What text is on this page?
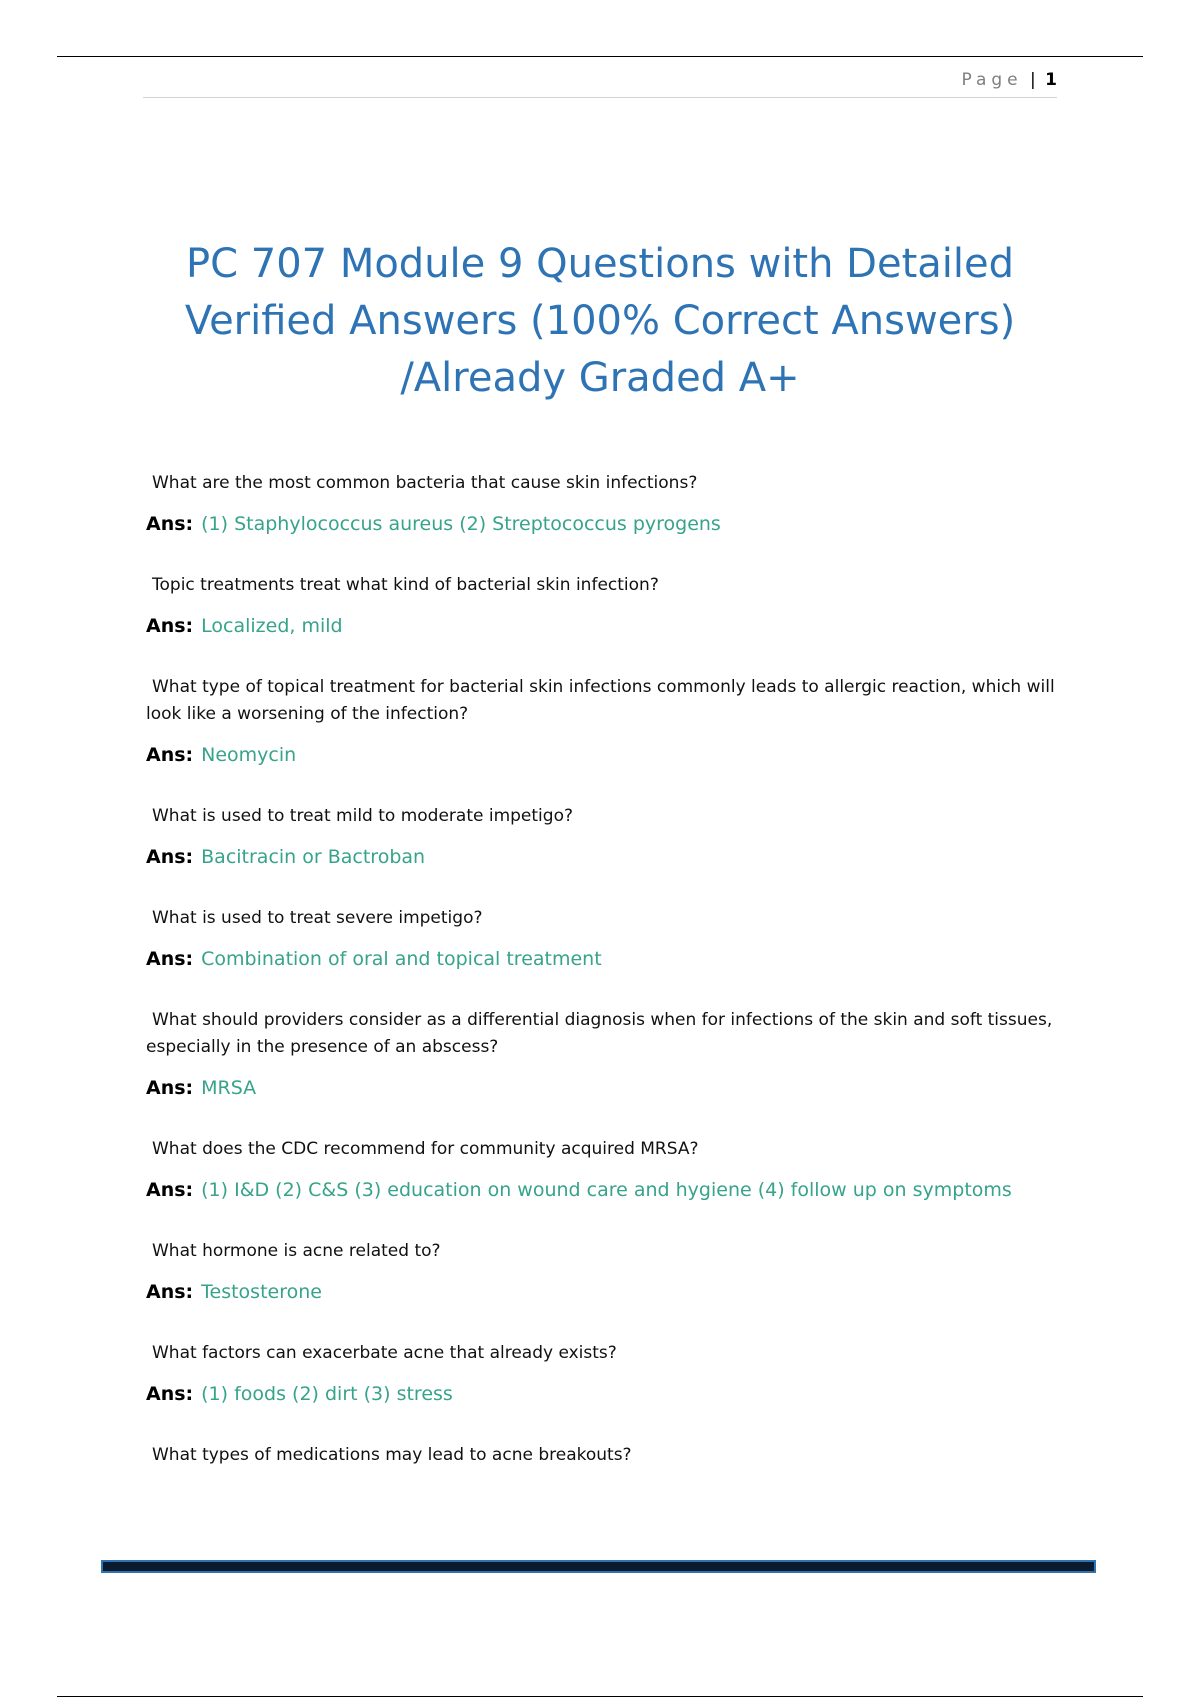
Page | 1
PC 707 Module 9 Questions with Detailed
Verified Answers (100% Correct Answers)
/Already Graded A+

What are the most common bacteria that cause skin infections?

Ans: (1) Staphylococcus aureus (2) Streptococcus pyrogens

Topic treatments treat what kind of bacterial skin infection?

Ans: Localized, mild

What type of topical treatment for bacterial skin infections commonly leads to allergic reaction, which will look like a worsening of the infection?

Ans: Neomycin

What is used to treat mild to moderate impetigo?

Ans: Bacitracin or Bactroban

What is used to treat severe impetigo?

Ans: Combination of oral and topical treatment

What should providers consider as a differential diagnosis when for infections of the skin and soft tissues, especially in the presence of an abscess?

Ans: MRSA

What does the CDC recommend for community acquired MRSA?

Ans: (1) I&D (2) C&S (3) education on wound care and hygiene (4) follow up on symptoms

What hormone is acne related to?

Ans: Testosterone

What factors can exacerbate acne that already exists?

Ans: (1) foods (2) dirt (3) stress

What types of medications may lead to acne breakouts?
